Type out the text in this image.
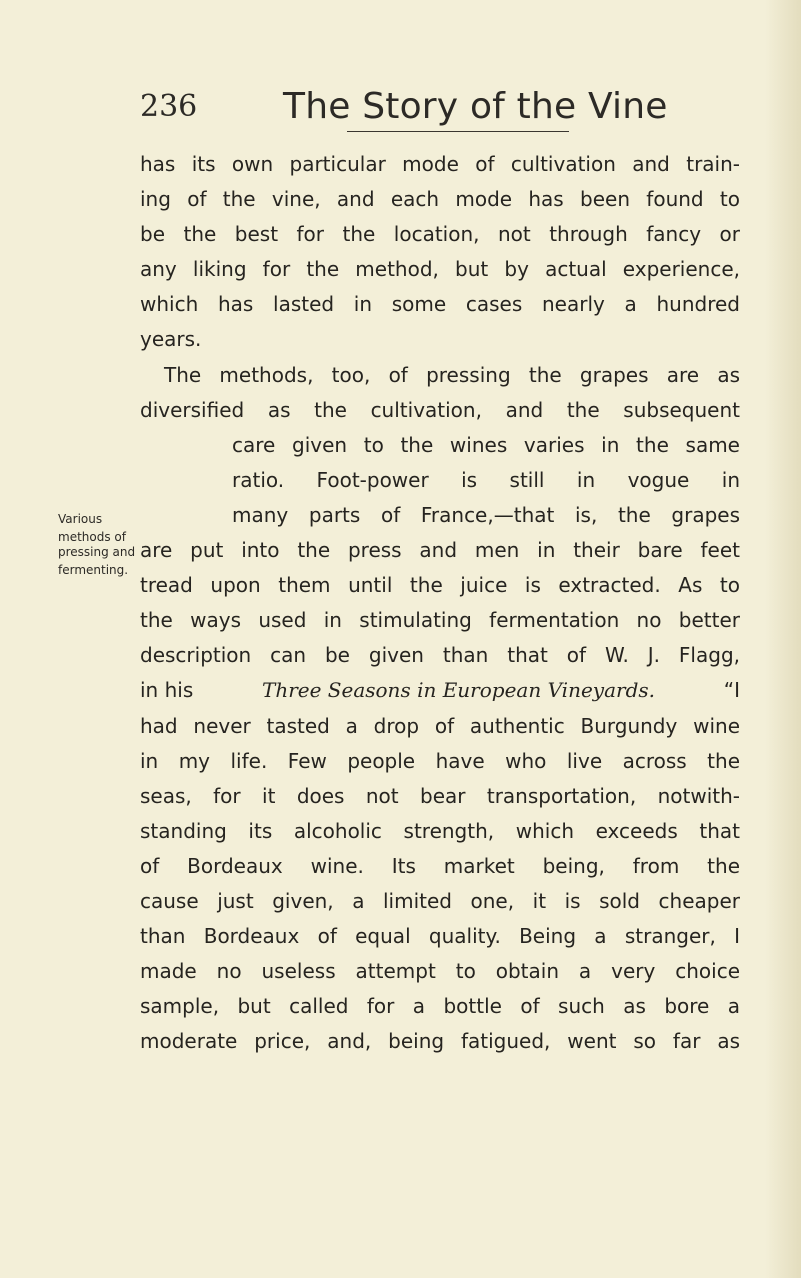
236 The Story of the Vine
Various
methods of
pressing and
fermenting.
has its own particular mode of cultivation and train-
ing of the vine, and each mode has been found to
be the best for the location, not through fancy or
any liking for the method, but by actual experience,
which has lasted in some cases nearly a hundred
years.
The methods, too, of pressing the grapes are as
diversified as the cultivation, and the subsequent
care given to the wines varies in the same
ratio. Foot-power is still in vogue in
many parts of France,—that is, the grapes
are put into the press and men in their bare feet
tread upon them until the juice is extracted. As to
the ways used in stimulating fermentation no better
description can be given than that of W. J. Flagg,
in his	Three Seasons in European Vineyards.	“I
had never tasted a drop of authentic Burgundy wine
in my life. Few people have who live across the
seas, for it does not bear transportation, notwith-
standing its alcoholic strength, which exceeds that
of Bordeaux wine. Its market being, from the
cause just given, a limited one, it is sold cheaper
than Bordeaux of equal quality. Being a stranger, I
made no useless attempt to obtain a very choice
sample, but called for a bottle of such as bore a
moderate price, and, being fatigued, went so far as
